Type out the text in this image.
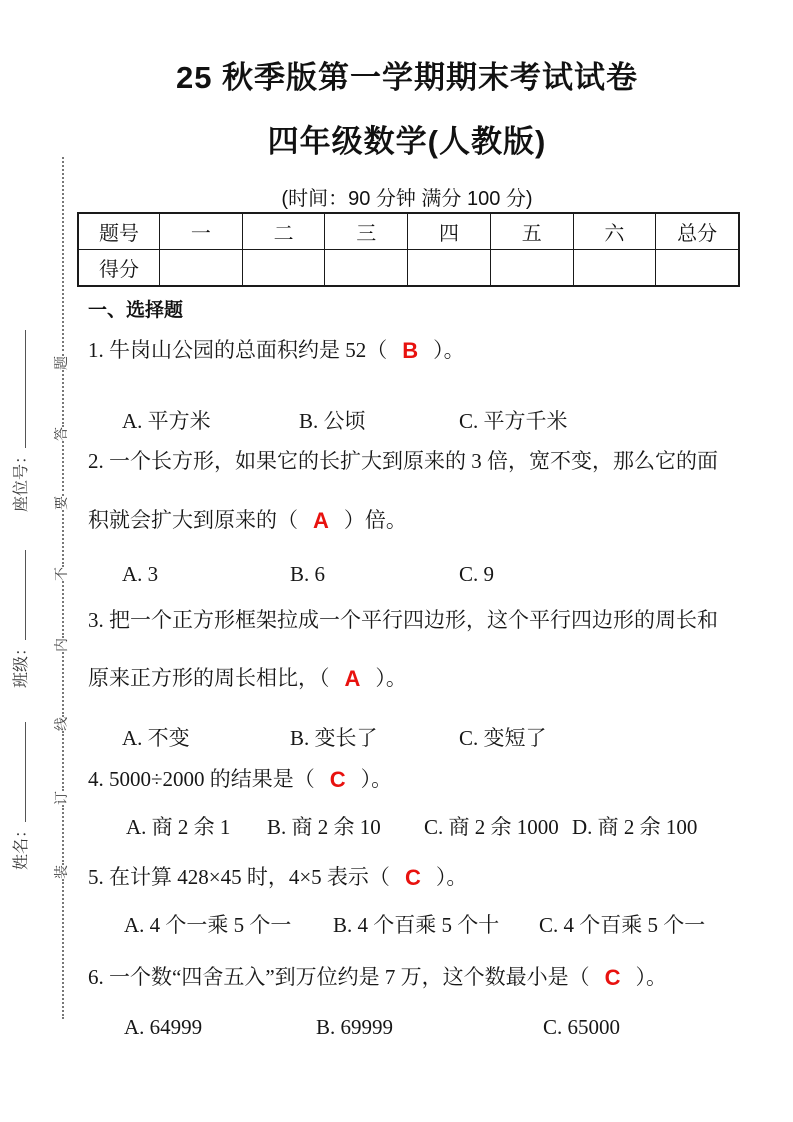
装
订
线
内
不
要
答
题
座位号：
班级：
姓名：
25 秋季版第一学期期末考试试卷
四年级数学(人教版)
(时间：90 分钟 满分 100 分)
题号	一	二	三	四	五	六	总分
得分
一、选择题
1. 牛岗山公园的总面积约是 52（ B ）。
A. 平方米	B. 公顷	C. 平方千米
2. 一个长方形，如果它的长扩大到原来的 3 倍，宽不变，那么它的面
积就会扩大到原来的（ A ）倍。
A. 3	B. 6	C. 9
3. 把一个正方形框架拉成一个平行四边形，这个平行四边形的周长和
原来正方形的周长相比，（ A ）。
A. 不变	B. 变长了	C. 变短了
4. 5000÷2000 的结果是（ C ）。
A. 商 2 余 1 B. 商 2 余 10 C. 商 2 余 1000 D. 商 2 余 100
5. 在计算 428×45 时，4×5 表示（ C ）。
A. 4 个一乘 5 个一 B. 4 个百乘 5 个十 C. 4 个百乘 5 个一
6. 一个数“四舍五入”到万位约是 7 万，这个数最小是（ C ）。
A. 64999	B. 69999	C. 65000
